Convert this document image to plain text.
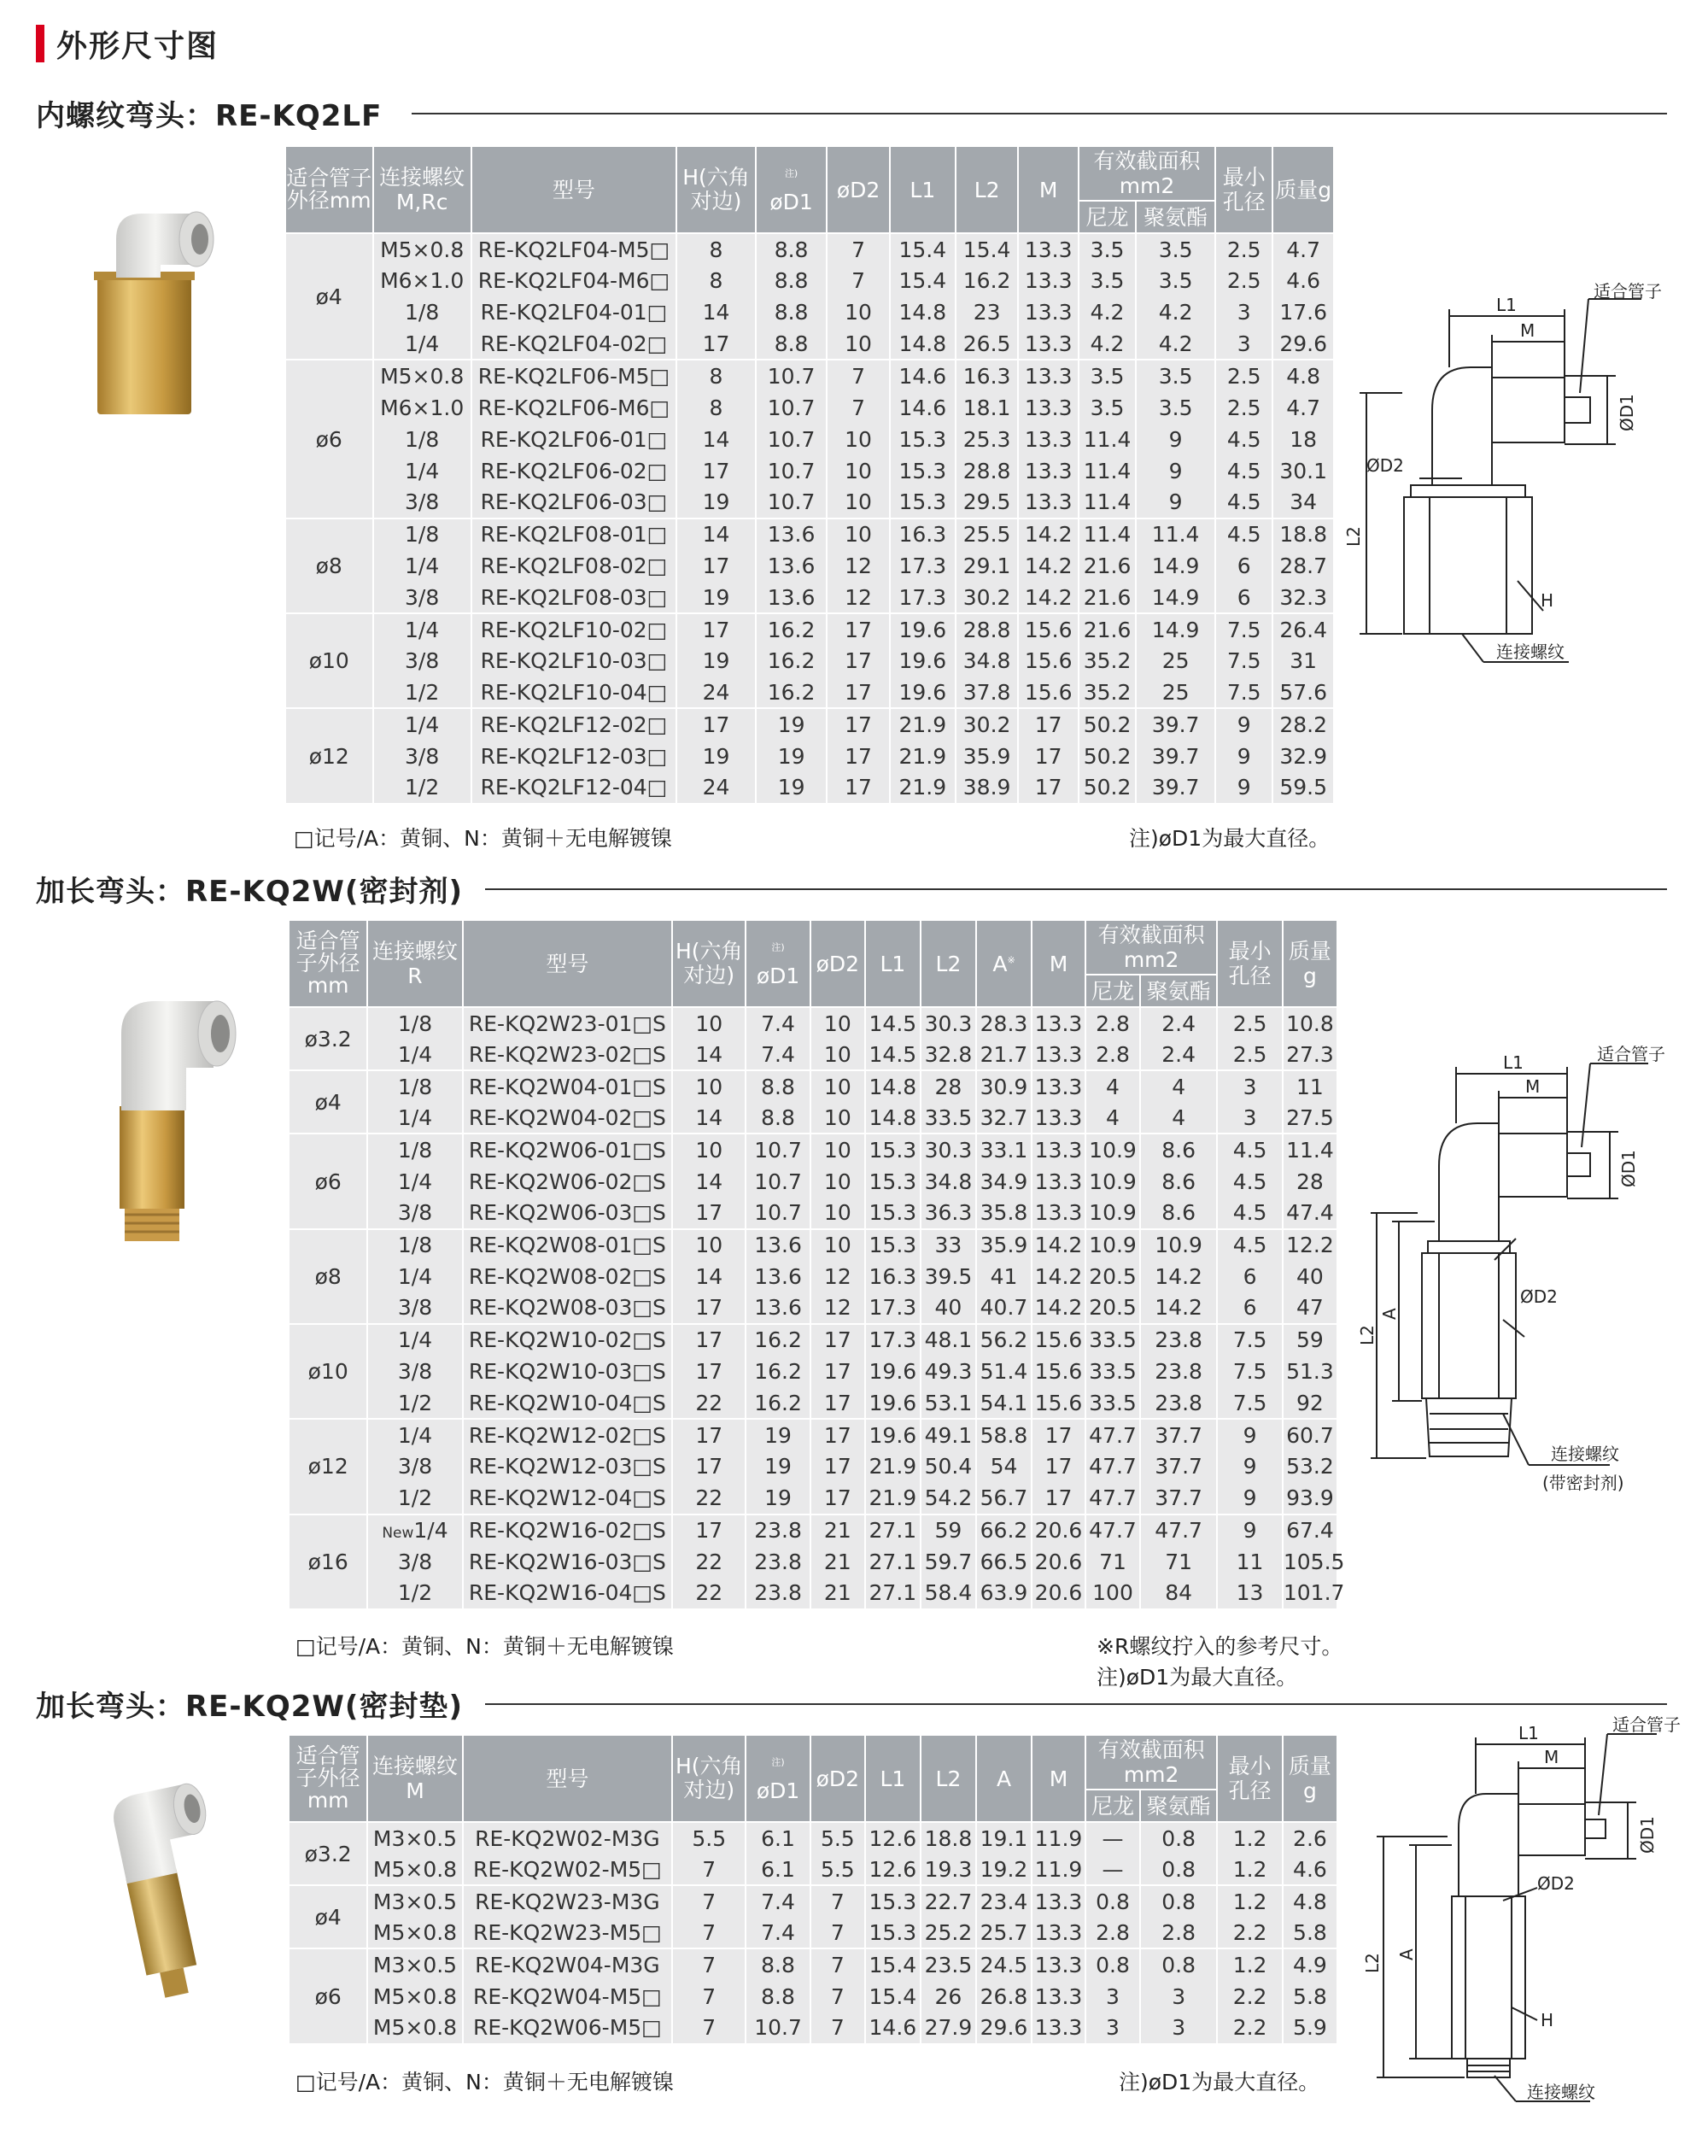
外形尺寸图
内螺纹弯头：RE-KQ2LF
适合管子外径mm	连接螺纹M,Rc	型号	H(六角对边)	$^{注)}$
øD1	øD2	L1	L2	M	有效截面积mm2		最小孔径	质量g
									尼龙	聚氨酯		
ø4	M5×0.8	RE-KQ2LF04-M5□	8	8.8	7	15.4	15.4	13.3	3.5	3.5	2.5	4.7
	M6×1.0	RE-KQ2LF04-M6□	8	8.8	7	15.4	16.2	13.3	3.5	3.5	2.5	4.6
	1/8	RE-KQ2LF04-01□	14	8.8	10	14.8	23	13.3	4.2	4.2	3	17.6
	1/4	RE-KQ2LF04-02□	17	8.8	10	14.8	26.5	13.3	4.2	4.2	3	29.6
ø6	M5×0.8	RE-KQ2LF06-M5□	8	10.7	7	14.6	16.3	13.3	3.5	3.5	2.5	4.8
	M6×1.0	RE-KQ2LF06-M6□	8	10.7	7	14.6	18.1	13.3	3.5	3.5	2.5	4.7
	1/8	RE-KQ2LF06-01□	14	10.7	10	15.3	25.3	13.3	11.4	9	4.5	18
	1/4	RE-KQ2LF06-02□	17	10.7	10	15.3	28.8	13.3	11.4	9	4.5	30.1
	3/8	RE-KQ2LF06-03□	19	10.7	10	15.3	29.5	13.3	11.4	9	4.5	34
ø8	1/8	RE-KQ2LF08-01□	14	13.6	10	16.3	25.5	14.2	11.4	11.4	4.5	18.8
	1/4	RE-KQ2LF08-02□	17	13.6	12	17.3	29.1	14.2	21.6	14.9	6	28.7
	3/8	RE-KQ2LF08-03□	19	13.6	12	17.3	30.2	14.2	21.6	14.9	6	32.3
ø10	1/4	RE-KQ2LF10-02□	17	16.2	17	19.6	28.8	15.6	21.6	14.9	7.5	26.4
	3/8	RE-KQ2LF10-03□	19	16.2	17	19.6	34.8	15.6	35.2	25	7.5	31
	1/2	RE-KQ2LF10-04□	24	16.2	17	19.6	37.8	15.6	35.2	25	7.5	57.6
ø12	1/4	RE-KQ2LF12-02□	17	19	17	21.9	30.2	17	50.2	39.7	9	28.2
	3/8	RE-KQ2LF12-03□	19	19	17	21.9	35.9	17	50.2	39.7	9	32.9
	1/2	RE-KQ2LF12-04□	24	19	17	21.9	38.9	17	50.2	39.7	9	59.5
□记号/A：黄铜、N：黄铜＋无电解镀镍	注)øD1为最大直径。
适合管子
L1
M
ØD1
ØD2
L2
H
连接螺纹
加长弯头：RE-KQ2W(密封剂)
适合管子外径mm	连接螺纹R	型号	H(六角对边)	$^{注)}$
øD1	øD2	L1	L2	A※	M	有效截面积mm2		最小孔径	质量g
										尼龙	聚氨酯		
ø3.2	1/8	RE-KQ2W23-01□S	10	7.4	10	14.5	30.3	28.3	13.3	2.8	2.4	2.5	10.8
	1/4	RE-KQ2W23-02□S	14	7.4	10	14.5	32.8	21.7	13.3	2.8	2.4	2.5	27.3
ø4	1/8	RE-KQ2W04-01□S	10	8.8	10	14.8	28	30.9	13.3	4	4	3	11
	1/4	RE-KQ2W04-02□S	14	8.8	10	14.8	33.5	32.7	13.3	4	4	3	27.5
ø6	1/8	RE-KQ2W06-01□S	10	10.7	10	15.3	30.3	33.1	13.3	10.9	8.6	4.5	11.4
	1/4	RE-KQ2W06-02□S	14	10.7	10	15.3	34.8	34.9	13.3	10.9	8.6	4.5	28
	3/8	RE-KQ2W06-03□S	17	10.7	10	15.3	36.3	35.8	13.3	10.9	8.6	4.5	47.4
ø8	1/8	RE-KQ2W08-01□S	10	13.6	10	15.3	33	35.9	14.2	10.9	10.9	4.5	12.2
	1/4	RE-KQ2W08-02□S	14	13.6	12	16.3	39.5	41	14.2	20.5	14.2	6	40
	3/8	RE-KQ2W08-03□S	17	13.6	12	17.3	40	40.7	14.2	20.5	14.2	6	47
ø10	1/4	RE-KQ2W10-02□S	17	16.2	17	17.3	48.1	56.2	15.6	33.5	23.8	7.5	59
	3/8	RE-KQ2W10-03□S	17	16.2	17	19.6	49.3	51.4	15.6	33.5	23.8	7.5	51.3
	1/2	RE-KQ2W10-04□S	22	16.2	17	19.6	53.1	54.1	15.6	33.5	23.8	7.5	92
ø12	1/4	RE-KQ2W12-02□S	17	19	17	19.6	49.1	58.8	17	47.7	37.7	9	60.7
	3/8	RE-KQ2W12-03□S	17	19	17	21.9	50.4	54	17	47.7	37.7	9	53.2
	1/2	RE-KQ2W12-04□S	22	19	17	21.9	54.2	56.7	17	47.7	37.7	9	93.9
ø16	New1/4	RE-KQ2W16-02□S	17	23.8	21	27.1	59	66.2	20.6	47.7	47.7	9	67.4
	3/8	RE-KQ2W16-03□S	22	23.8	21	27.1	59.7	66.5	20.6	71	71	11	105.5
	1/2	RE-KQ2W16-04□S	22	23.8	21	27.1	58.4	63.9	20.6	100	84	13	101.7
□记号/A：黄铜、N：黄铜＋无电解镀镍	※R螺纹拧入的参考尺寸。
注)øD1为最大直径。
适合管子
L1
M
ØD1
ØD2
L2
A
连接螺纹
(带密封剂)
加长弯头：RE-KQ2W(密封垫)
适合管子外径mm	连接螺纹M	型号	H(六角对边)	$^{注)}$
øD1	øD2	L1	L2	A	M	有效截面积mm2		最小孔径	质量g
										尼龙	聚氨酯		
ø3.2	M3×0.5	RE-KQ2W02-M3G	5.5	6.1	5.5	12.6	18.8	19.1	11.9	—	0.8	1.2	2.6
	M5×0.8	RE-KQ2W02-M5□	7	6.1	5.5	12.6	19.3	19.2	11.9	—	0.8	1.2	4.6
ø4	M3×0.5	RE-KQ2W23-M3G	7	7.4	7	15.3	22.7	23.4	13.3	0.8	0.8	1.2	4.8
	M5×0.8	RE-KQ2W23-M5□	7	7.4	7	15.3	25.2	25.7	13.3	2.8	2.8	2.2	5.8
ø6	M3×0.5	RE-KQ2W04-M3G	7	8.8	7	15.4	23.5	24.5	13.3	0.8	0.8	1.2	4.9
	M5×0.8	RE-KQ2W04-M5□	7	8.8	7	15.4	26	26.8	13.3	3	3	2.2	5.8
	M5×0.8	RE-KQ2W06-M5□	7	10.7	7	14.6	27.9	29.6	13.3	3	3	2.2	5.9
□记号/A：黄铜、N：黄铜＋无电解镀镍	注)øD1为最大直径。
适合管子
L1
M
ØD1
ØD2
L2 A
H
连接螺纹
